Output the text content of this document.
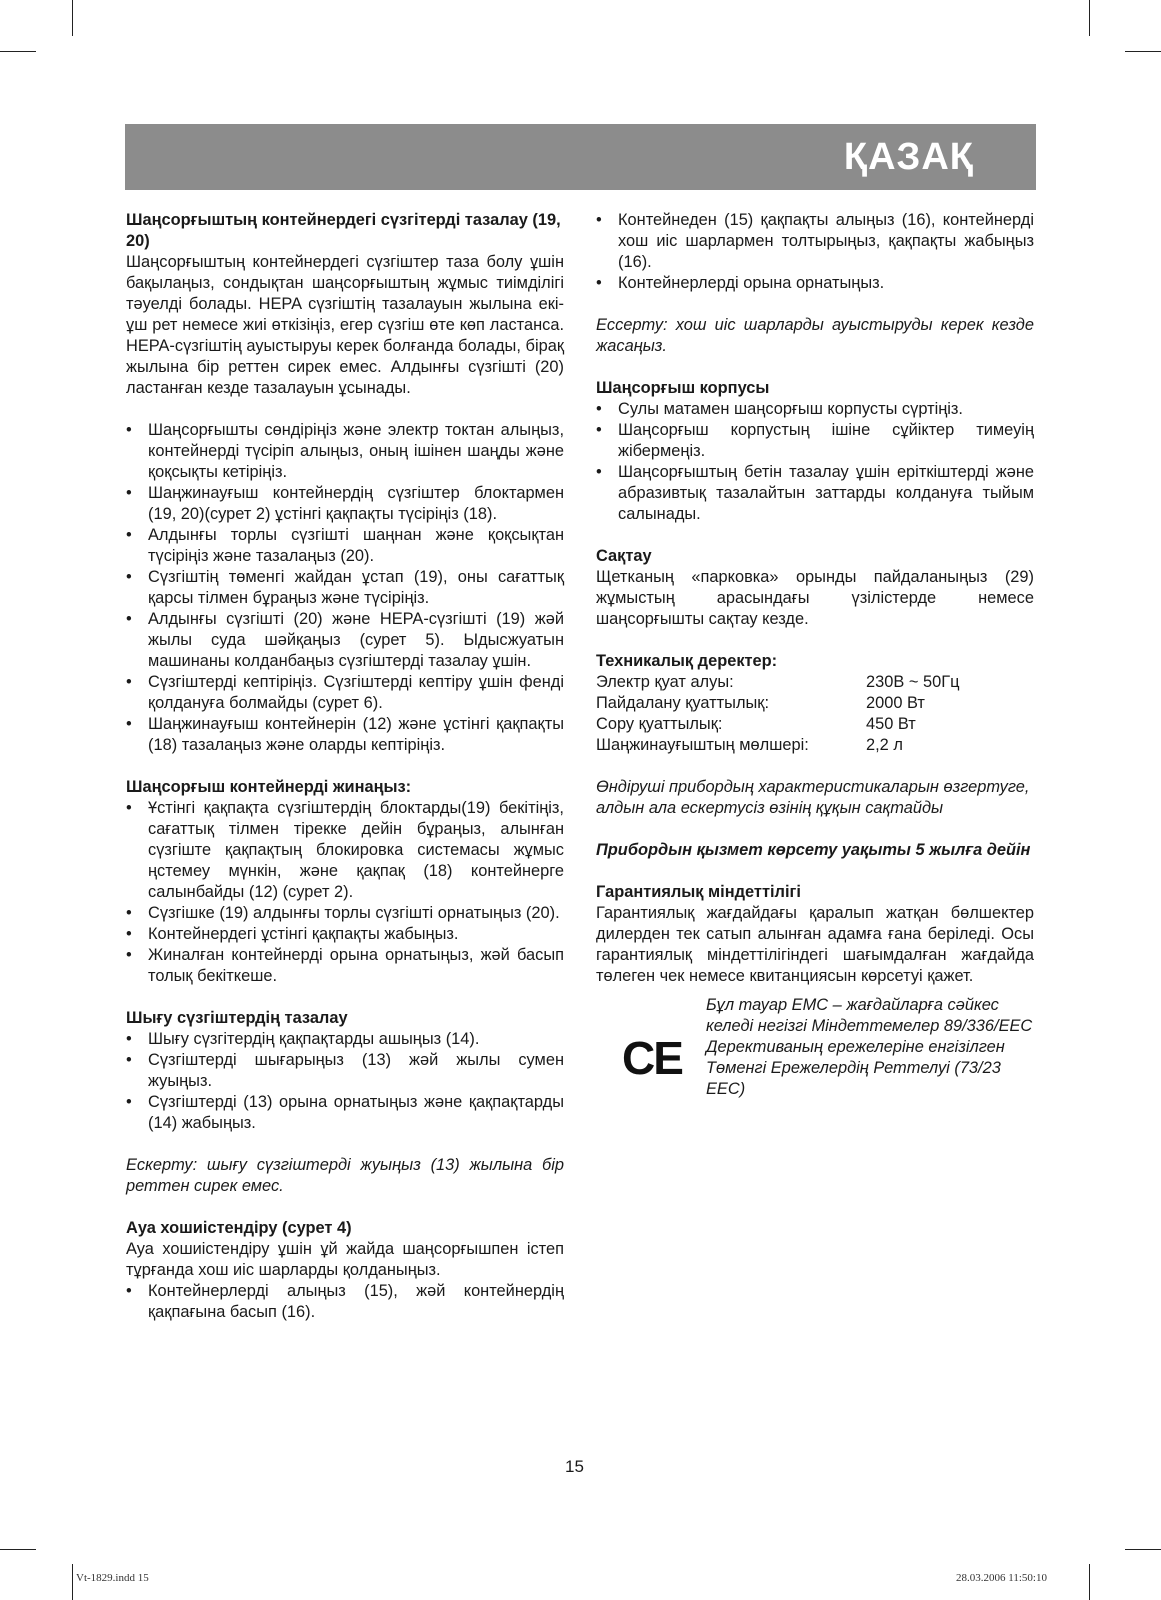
ҚАЗАҚ
Шаңсорғыштың контейнердегі сүзгітерді тазалау (19, 20)
Шаңсорғыштың контейнердегі сүзгіштер таза болу ұшін бақылаңыз, сондықтан шаңсорғыштың жұмыс тиімділігі тәуелді болады. HEPA сүзгіштің тазалауын жылына екі-ұш рет немесе жиі өткізіңіз, егер сүзгіш өте көп ластанса. HEPA-сүзгіштің ауыстыруы керек болғанда болады, бірақ жылына бір реттен сирек емес. Алдынғы сүзгішті (20) ластанған кезде тазалауын ұсынады.
• Шаңсорғышты сөндіріңіз және электр токтан алыңыз, контейнерді түсіріп алыңыз, оның ішінен шаңды және қоқсықты кетіріңіз.
• Шаңжинауғыш контейнердің сүзгіштер блоктармен (19, 20)(сурет 2) ұстінгі қақпақты түсіріңіз (18).
• Алдынғы торлы сүзгішті шаңнан және қоқсықтан түсіріңіз және тазалаңыз (20).
• Сүзгіштің төменгі жайдан ұстап (19), оны сағаттық қарсы тілмен бұраңыз және түсіріңіз.
• Алдынғы сүзгішті (20) және HEPA-сүзгішті (19) жәй жылы суда шәйқаңыз (сурет 5). Ыдысжуатын машинаны колданбаңыз сүзгіштерді тазалау ұшін.
• Сүзгіштерді кептіріңіз. Сүзгіштерді кептіру ұшін фенді қолдануға болмайды (сурет 6).
• Шаңжинауғыш контейнерін (12) және ұстінгі қақпақты (18) тазалаңыз және оларды кептіріңіз.
Шаңсорғыш контейнерді жинаңыз:
• Ұстінгі қақпақта сүзгіштердің блоктарды(19) бекітіңіз, сағаттық тілмен тірекке дейін бұраңыз, алынған сүзгіште қақпақтың блокировка системасы жұмыс ңстемеу мүнкін, және қақпақ (18) контейнерге салынбайды (12) (сурет 2).
• Сүзгішке (19) алдынғы торлы сүзгішті орнатыңыз (20).
• Контейнердегі ұстінгі қақпақты жабыңыз.
• Жиналған контейнерді орына орнатыңыз, жәй басып толық бекіткеше.
Шығу сүзгіштердің тазалау
• Шығу сүзгітердің қақпақтарды ашыңыз (14).
• Сүзгіштерді шығарыңыз (13) жәй жылы сумен жуыңыз.
• Сүзгіштерді (13) орына орнатыңыз және қақпақтарды (14) жабыңыз.
Ескерту: шығу сүзгіштерді жуыңыз (13) жылына бір реттен сирек емес.
Ауа хошиістендіру (сурет 4)
Ауа хошиістендіру ұшін ұй жайда шаңсорғышпен істеп тұрғанда хош иіс шарларды қолданыңыз.
• Контейнерлерді алыңыз (15), жәй контейнердің қақпағына басып (16).
• Контейнеден (15) қақпақты алыңыз (16), контейнерді хош иіс шарлармен толтырыңыз, қақпақты жабыңыз (16).
• Контейнерлерді орына орнатыңыз.
Ессерту: хош иіс шарларды ауыстыруды керек кезде жасаңыз.
Шаңсорғыш корпусы
• Сулы матамен шаңсорғыш корпусты сүртіңіз.
• Шаңсорғыш корпустың ішіне сұйіктер тимеуің жібермеңіз.
• Шаңсорғыштың бетін тазалау ұшін еріткіштерді және абразивтық тазалайтын заттарды колдануға тыйым салынады.
Сақтау
Щетканың «парковка» орынды пайдаланыңыз (29) жұмыстың арасындағы үзілістерде немесе шаңсорғышты сақтау кезде.
Техникалық деректер:
Электр қуат алуы:	230В ~ 50Гц
Пайдалану қуаттылық:	2000 Вт
Сору қуаттылық:	450 Вт
Шаңжинауғыштың мөлшері:	2,2 л
Өндіруші прибордың характеристикаларын өзгертуге, алдын ала ескертусіз өзінің құқын сақтайды
Прибордын қызмет көрсету уақыты 5 жылға дейін
Гарантиялық міндеттілігі
Гарантиялық жағдайдағы қаралып жатқан бөлшектер дилерден тек сатып алынған адамға ғана беріледі. Осы гарантиялық міндеттілігіндегі шағымдалған жағдайда төлеген чек немесе квитанциясын көрсетуі қажет.
CE
Бұл тауар ЕМС – жағдайларға сәйкес келеді негізгі Міндеттемелер 89/336/ЕЕС Дерективаның ережелеріне енгізілген Төменгі Ережелердің Реттелуі (73/23 ЕЕС)
15
Vt-1829.indd 15	28.03.2006 11:50:10
